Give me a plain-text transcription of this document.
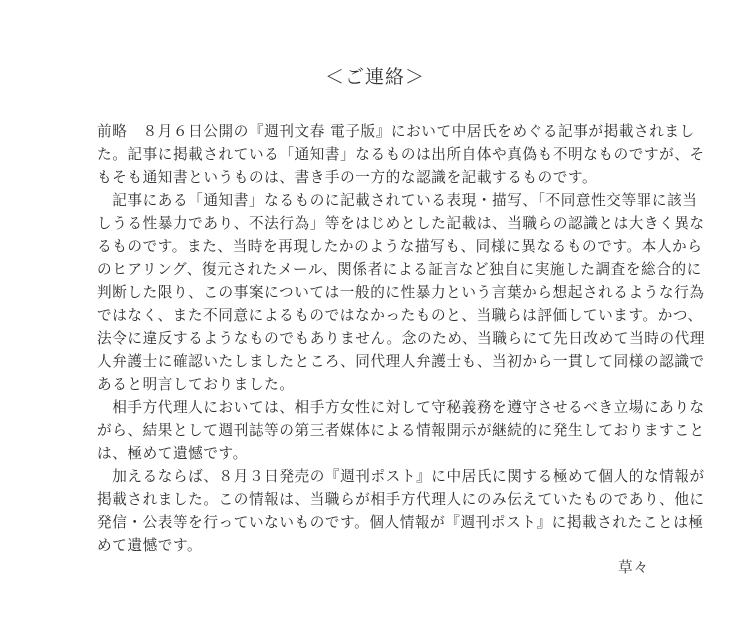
＜ご連絡＞
前略　８月６日公開の『週刊文春 電子版』において中居氏をめぐる記事が掲載されまし
た。記事に掲載されている「通知書」なるものは出所自体や真偽も不明なものですが、そ
もそも通知書というものは、書き手の一方的な認識を記載するものです。
　記事にある「通知書」なるものに記載されている表現・描写、「不同意性交等罪に該当
しうる性暴力であり、不法行為」等をはじめとした記載は、当職らの認識とは大きく異な
るものです。また、当時を再現したかのような描写も、同様に異なるものです。本人から
のヒアリング、復元されたメール、関係者による証言など独自に実施した調査を総合的に
判断した限り、この事案については一般的に性暴力という言葉から想起されるような行為
ではなく、また不同意によるものではなかったものと、当職らは評価しています。かつ、
法令に違反するようなものでもありません。念のため、当職らにて先日改めて当時の代理
人弁護士に確認いたしましたところ、同代理人弁護士も、当初から一貫して同様の認識で
あると明言しておりました。
　相手方代理人においては、相手方女性に対して守秘義務を遵守させるべき立場にありな
がら、結果として週刊誌等の第三者媒体による情報開示が継続的に発生しておりますこと
は、極めて遺憾です。
　加えるならば、８月３日発売の『週刊ポスト』に中居氏に関する極めて個人的な情報が
掲載されました。この情報は、当職らが相手方代理人にのみ伝えていたものであり、他に
発信・公表等を行っていないものです。個人情報が『週刊ポスト』に掲載されたことは極
めて遺憾です。
草々
